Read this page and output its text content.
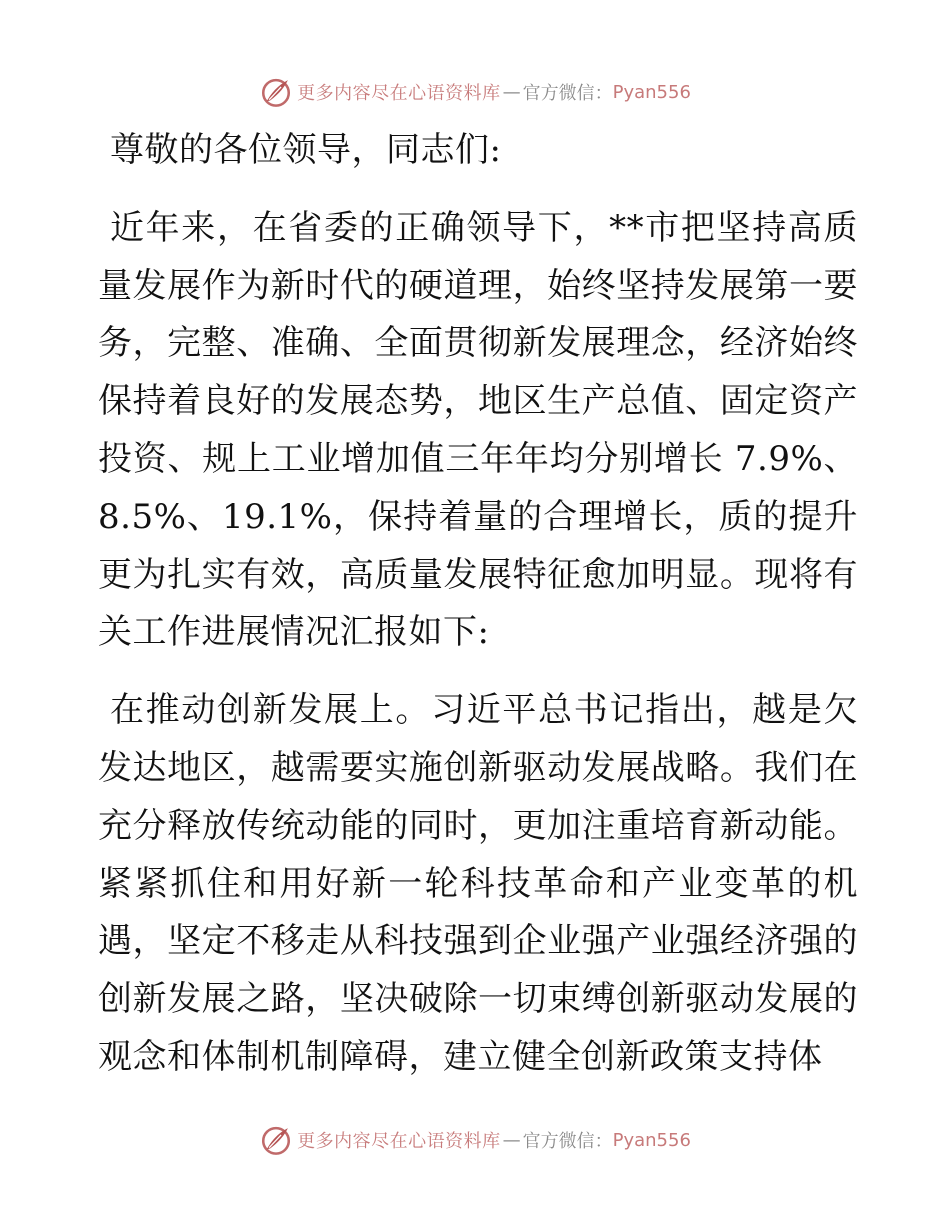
更多内容尽在心语资料库 — 官方微信： Pyan556

尊敬的各位领导，同志们:

近年来，在省委的正确领导下，**市把坚持高质量发展作为新时代的硬道理，始终坚持发展第一要务，完整、准确、全面贯彻新发展理念，经济始终保持着良好的发展态势，地区生产总值、固定资产投资、规上工业增加值三年年均分别增长 7.9%、8.5%、19.1%，保持着量的合理增长，质的提升更为扎实有效，高质量发展特征愈加明显。现将有关工作进展情况汇报如下:

在推动创新发展上。习近平总书记指出，越是欠发达地区，越需要实施创新驱动发展战略。我们在充分释放传统动能的同时，更加注重培育新动能。紧紧抓住和用好新一轮科技革命和产业变革的机遇，坚定不移走从科技强到企业强产业强经济强的创新发展之路，坚决破除一切束缚创新驱动发展的观念和体制机制障碍，建立健全创新政策支持体

更多内容尽在心语资料库 — 官方微信： Pyan556
